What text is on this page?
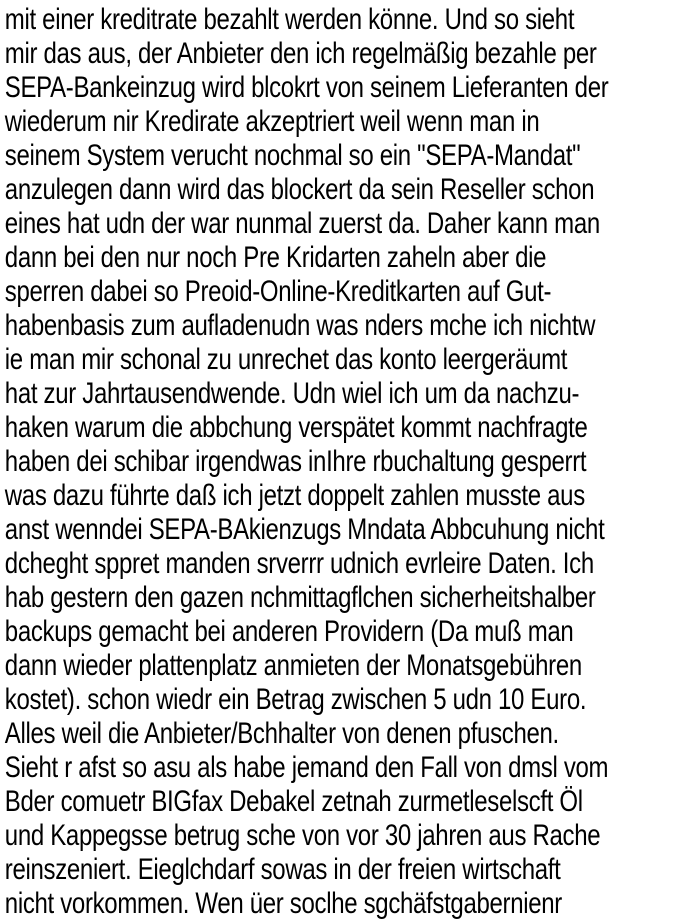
mit einer kreditrate bezahlt werden könne. Und so sieht
mir das aus, der Anbieter den ich regelmäßig bezahle per
SEPA-Bankeinzug wird blcokrt von seinem Lieferanten der
wiederum nir Kredirate akzeptriert weil wenn man in
seinem System verucht nochmal so ein "SEPA-Mandat"
anzulegen dann wird das blockert da sein Reseller schon
eines hat udn der war nunmal zuerst da. Daher kann man
dann bei den nur noch Pre Kridarten zaheln aber die
sperren dabei so Preoid-Online-Kreditkarten auf Gut-
habenbasis zum aufladenudn was nders mche ich nichtw
ie man mir schonal zu unrechet das konto leergeräumt
hat zur Jahrtausendwende. Udn wiel ich um da nachzu-
haken warum die abbchung verspätet kommt nachfragte
haben dei schibar irgendwas inIhre rbuchaltung gesperrt
was dazu führte daß ich jetzt doppelt zahlen musste aus
anst wenndei SEPA-BAkienzugs Mndata Abbcuhung nicht
dcheght sppret manden srverrr udnich evrleire Daten. Ich
hab gestern den gazen nchmittagflchen sicherheitshalber
backups gemacht bei anderen Providern (Da muß man
dann wieder plattenplatz anmieten der Monatsgebühren
kostet). schon wiedr ein Betrag zwischen 5 udn 10 Euro.
Alles weil die Anbieter/Bchhalter von denen pfuschen.
Sieht r afst so asu als habe jemand den Fall von dmsl vom
Bder comuetr BIGfax Debakel zetnah zurmetleselscft Öl
und Kappegsse betrug sche von vor 30 jahren aus Rache
reinszeniert. Eieglchdarf sowas in der freien wirtschaft
nicht vorkommen. Wen üer soclhe sgchäfstgabernienr
